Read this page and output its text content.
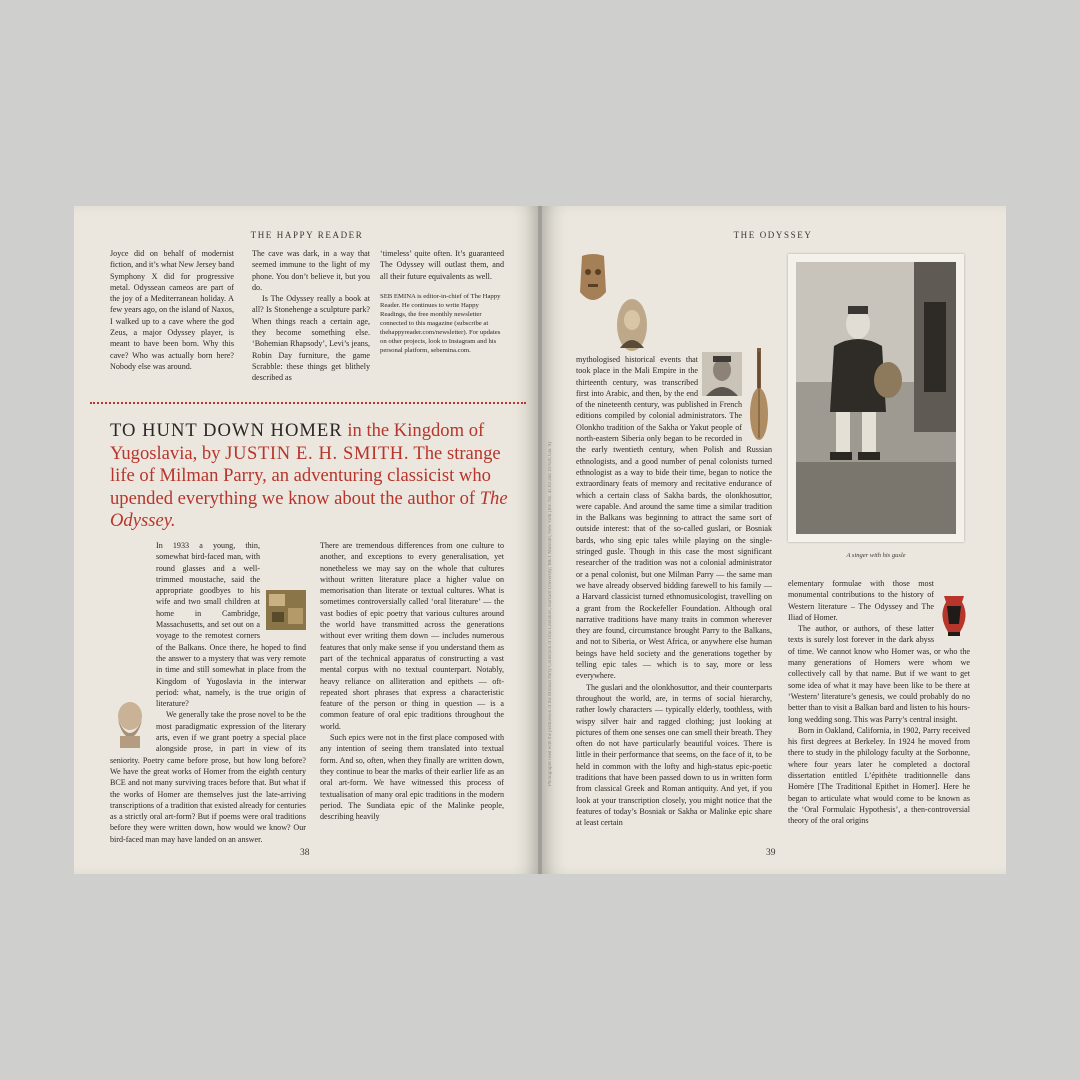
THE HAPPY READER

Joyce did on behalf of modernist fiction, and it’s what New Jersey band Symphony X did for progressive metal. Odyssean cameos are part of the joy of a Mediterranean holiday. A few years ago, on the island of Naxos, I walked up to a cave where the god Zeus, a major Odyssey player, is meant to have been born. Why this cave? Who was actually born here? Nobody else was around.

The cave was dark, in a way that seemed immune to the light of my phone. You don’t believe it, but you do.

Is The Odyssey really a book at all? Is Stonehenge a sculpture park? When things reach a certain age, they become something else. ‘Bohemian Rhapsody’, Levi’s jeans, Robin Day furniture, the game Scrabble: these things get blithely described as

‘timeless’ quite often. It’s guaranteed The Odyssey will outlast them, and all their future equivalents as well.

SEB EMINA is editor-in-chief of The Happy Reader. He continues to write Happy Readings, the free monthly newsletter connected to this magazine (subscribe at thehappyreader.com/newsletter). For updates on other projects, look to Instagram and his personal platform, sebemina.com.
TO HUNT DOWN HOMER in the Kingdom of Yugoslavia, by JUSTIN E. H. SMITH. The strange life of Milman Parry, an adventuring classicist who upended everything we know about the author of The Odyssey.

In 1933 a young, thin, somewhat bird-faced man, with round glasses and a well-trimmed moustache, said the appropriate goodbyes to his wife and two small children at home in Cambridge, Massachusetts, and set out on a voyage to the remotest corners of the Balkans. Once there, he hoped to find the answer to a mystery that was very remote in time and still somewhat in place from the Kingdom of Yugoslavia in the interwar period: what, namely, is the true origin of literature?

We generally take the prose novel to be the most paradigmatic expression of the literary arts, even if we grant poetry a special place alongside prose, in part in view of its seniority. Poetry came before prose, but how long before? We have the great works of Homer from the eighth century BCE and not many surviving traces before that. But what if the works of Homer are themselves just the late-arriving transcriptions of a tradition that existed already for centuries as a strictly oral art-form? But if poems were oral traditions before they were written down, how would we know? Our bird-faced man may have landed on an answer.

There are tremendous differences from one culture to another, and exceptions to every generalisation, yet nonetheless we may say on the whole that cultures without written literature place a higher value on memorisation than literate or textual cultures. What is sometimes controversially called ‘oral literature’ — the vast bodies of epic poetry that various cultures around the world have transmitted across the generations without ever writing them down — includes numerous features that only make sense if you understand them as part of the technical apparatus of constructing a vast mental corpus with no textual counterpart. Notably, heavy reliance on alliteration and epithets — oft-repeated short phrases that express a characteristic feature of the person or thing in question — is a common feature of oral epic traditions throughout the world.

Such epics were not in the first place composed with any intention of seeing them translated into textual form. And so, often, when they finally are written down, they continue to bear the marks of their earlier life as an oral art-form. We have witnessed this process of textualisation of many oral epic traditions in the modern period. The Sundiata epic of the Malinke people, describing heavily

38
THE ODYSSEY
Photographs used with the permission of the Milman Parry Collection of Oral Literature, Harvard University; MET Museum, New York (Inv. No. 41.83 and 1976.8, Gia. 9)

mythologised historical events that took place in the Mali Empire in the thirteenth century, was transcribed first into Arabic, and then, by the end of the nineteenth century, was published in French editions compiled by colonial administrators. The Olonkho tradition of the Sakha or Yakut people of north-eastern Siberia only began to be recorded in the early twentieth century, when Polish and Russian ethnologists, and a good number of penal colonists turned ethnologist as a way to bide their time, began to notice the extraordinary feats of memory and recitative endurance of which a certain class of Sakha bards, the olonkhosuttor, were capable. And around the same time a similar tradition in the Balkans was beginning to attract the same sort of outside interest: that of the so-called guslari, or Bosniak bards, who sing epic tales while playing on the single-stringed gusle. Though in this case the most significant researcher of the tradition was not a colonial administrator or a penal colonist, but one Milman Parry — the same man we have already observed bidding farewell to his family — a Harvard classicist turned ethnomusicologist, travelling on a grant from the Rockefeller Foundation. Although oral narrative traditions have many traits in common wherever they are found, circumstance brought Parry to the Balkans, and not to Siberia, or West Africa, or anywhere else human beings have held society and the generations together by telling epic tales — which is to say, more or less everywhere.

The guslari and the olonkhosuttor, and their counterparts throughout the world, are, in terms of social hierarchy, rather lowly characters — typically elderly, toothless, with wispy silver hair and ragged clothing; just looking at pictures of them one senses one can smell their breath. They often do not have particularly beautiful voices. There is little in their performance that seems, on the face of it, to be held in common with the lofty and high-status epic-poetic traditions that have been passed down to us in written form from classical Greek and Roman antiquity. And yet, if you look at your transcription closely, you might notice that the features of today’s Bosniak or Sakha or Malinke epic share at least certain

A singer with his gusle

elementary formulae with those most monumental contributions to the history of Western literature – The Odyssey and The Iliad of Homer.

The author, or authors, of these latter texts is surely lost forever in the dark abyss of time. We cannot know who Homer was, or who the many generations of Homers were whom we collectively call by that name. But if we want to get some idea of what it may have been like to be there at ‘Western’ literature’s genesis, we could probably do no better than to visit a Balkan bard and listen to his hours-long wedding song. This was Parry’s central insight.

Born in Oakland, California, in 1902, Parry received his first degrees at Berkeley. In 1924 he moved from there to study in the philology faculty at the Sorbonne, where four years later he completed a doctoral dissertation entitled L’épithète traditionnelle dans Homère [The Traditional Epithet in Homer]. Here he began to articulate what would come to be known as the ‘Oral Formulaic Hypothesis’, a then-controversial theory of the oral origins

39
